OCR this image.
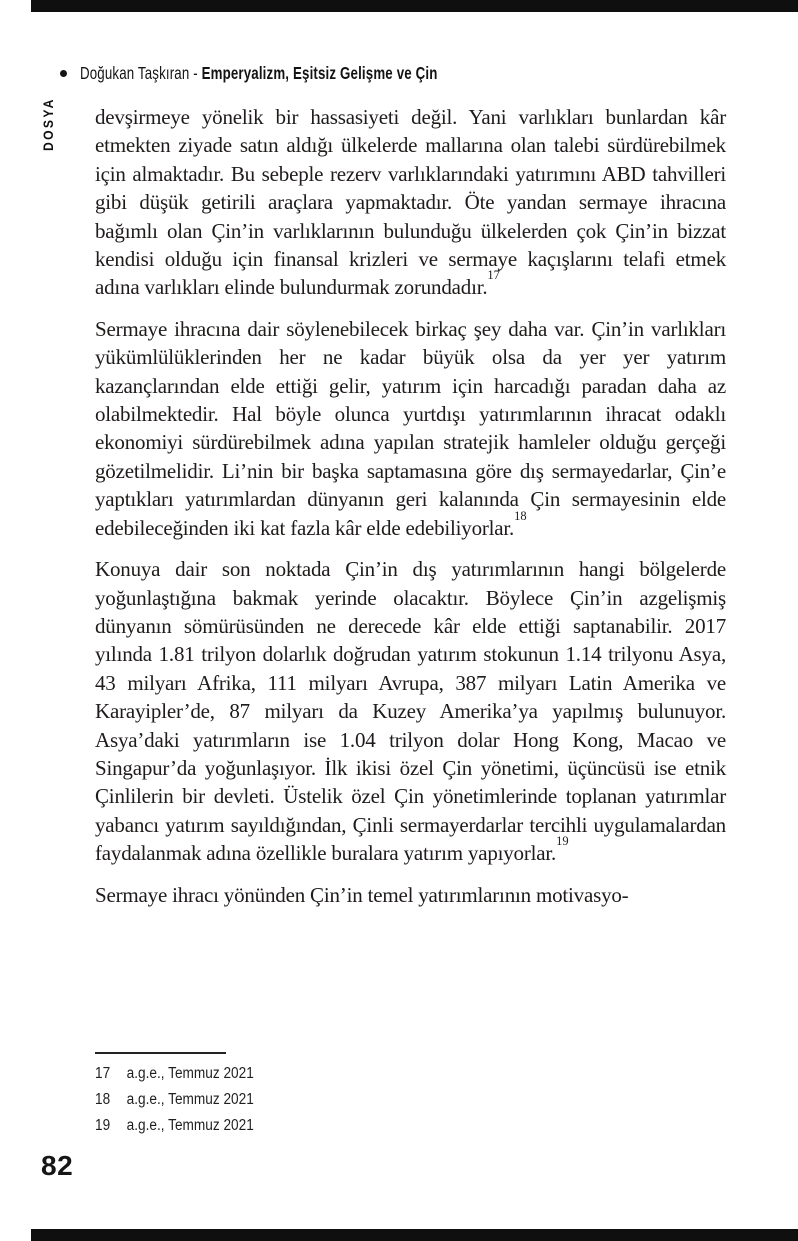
Doğukan Taşkıran - Emperyalizm, Eşitsiz Gelişme ve Çin
DOSYA devşirmeye yönelik bir hassasiyeti değil. Yani varlıkları bunlardan kâr etmekten ziyade satın aldığı ülkelerde mallarına olan talebi sürdürebilmek için almaktadır. Bu sebeple rezerv varlıklarındaki yatırımını ABD tahvilleri gibi düşük getirili araçlara yapmaktadır. Öte yandan sermaye ihracına bağımlı olan Çin’in varlıklarının bulunduğu ülkelerden çok Çin’in bizzat kendisi olduğu için finansal krizleri ve sermaye kaçışlarını telafi etmek adına varlıkları elinde bulundurmak zorundadır.$^{17}$

Sermaye ihracına dair söylenebilecek birkaç şey daha var. Çin’in varlıkları yükümlülüklerinden her ne kadar büyük olsa da yer yer yatırım kazançlarından elde ettiği gelir, yatırım için harcadığı paradan daha az olabilmektedir. Hal böyle olunca yurtdışı yatırımlarının ihracat odaklı ekonomiyi sürdürebilmek adına yapılan stratejik hamleler olduğu gerçeği gözetilmelidir. Li’nin bir başka saptamasına göre dış sermayedarlar, Çin’e yaptıkları yatırımlardan dünyanın geri kalanında Çin sermayesinin elde edebileceğinden iki kat fazla kâr elde edebiliyorlar.$^{18}$

Konuya dair son noktada Çin’in dış yatırımlarının hangi bölgelerde yoğunlaştığına bakmak yerinde olacaktır. Böylece Çin’in azgelişmiş dünyanın sömürüsünden ne derecede kâr elde ettiği saptanabilir. 2017 yılında 1.81 trilyon dolarlık doğrudan yatırım stokunun 1.14 trilyonu Asya, 43 milyarı Afrika, 111 milyarı Avrupa, 387 milyarı Latin Amerika ve Karayipler’de, 87 milyarı da Kuzey Amerika’ya yapılmış bulunuyor. Asya’daki yatırımların ise 1.04 trilyon dolar Hong Kong, Macao ve Singapur’da yoğunlaşıyor. İlk ikisi özel Çin yönetimi, üçüncüsü ise etnik Çinlilerin bir devleti. Üstelik özel Çin yönetimlerinde toplanan yatırımlar yabancı yatırım sayıldığından, Çinli sermayerdarlar tercihli uygulamalardan faydalanmak adına özellikle buralara yatırım yapıyorlar.$^{19}$

Sermaye ihracı yönünden Çin’in temel yatırımlarının motivasyo-

17	a.g.e., Temmuz 2021
18	a.g.e., Temmuz 2021
19	a.g.e., Temmuz 2021
82
